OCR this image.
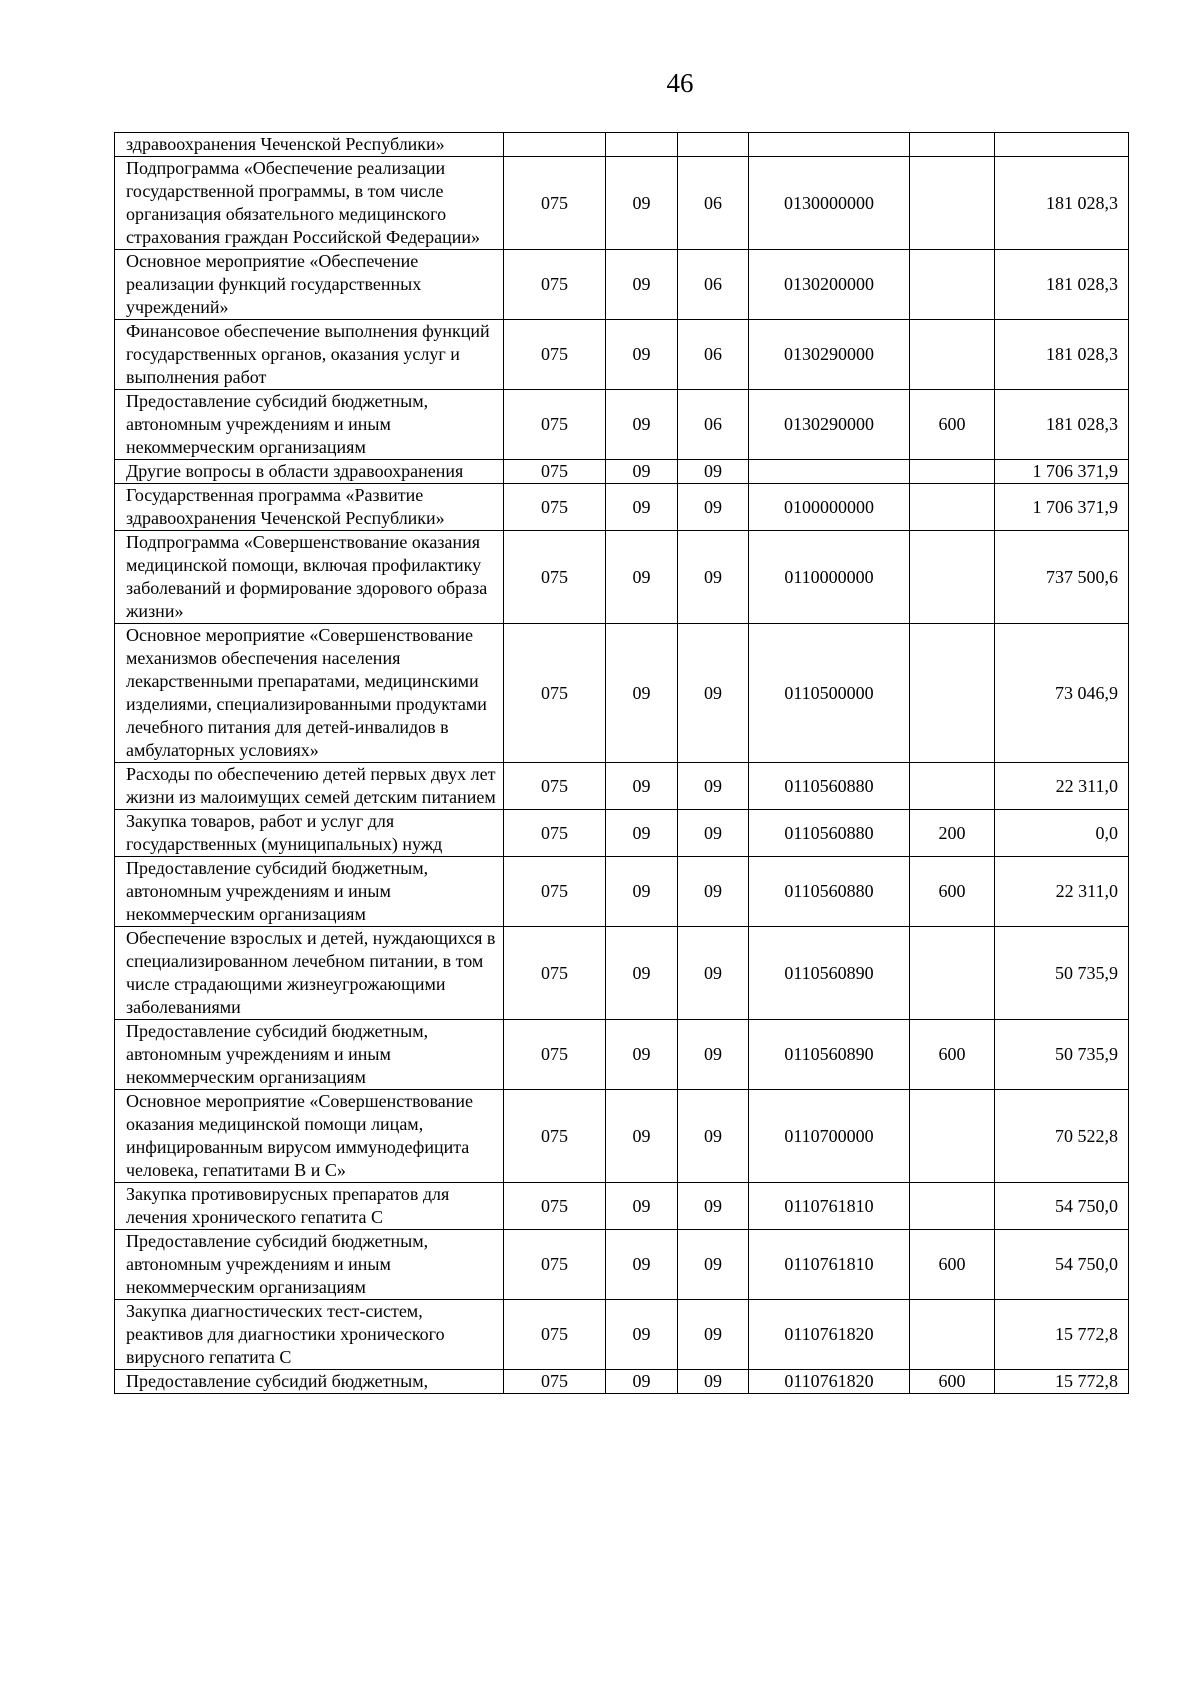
46
здравоохранения Чеченской Республики»						
Подпрограмма «Обеспечение реализации государственной программы, в том числе организация обязательного медицинского страхования граждан Российской Федерации»	075	09	06	0130000000		181 028,3
Основное мероприятие «Обеспечение реализации функций государственных учреждений»	075	09	06	0130200000		181 028,3
Финансовое обеспечение выполнения функций государственных органов, оказания услуг и выполнения работ	075	09	06	0130290000		181 028,3
Предоставление субсидий бюджетным, автономным учреждениям и иным некоммерческим организациям	075	09	06	0130290000	600	181 028,3
Другие вопросы в области здравоохранения	075	09	09			1 706 371,9
Государственная программа «Развитие здравоохранения Чеченской Республики»	075	09	09	0100000000		1 706 371,9
Подпрограмма «Совершенствование оказания медицинской помощи, включая профилактику заболеваний и формирование здорового образа жизни»	075	09	09	0110000000		737 500,6
Основное мероприятие «Совершенствование механизмов обеспечения населения лекарственными препаратами, медицинскими изделиями, специализированными продуктами лечебного питания для детей-инвалидов в амбулаторных условиях»	075	09	09	0110500000		73 046,9
Расходы по обеспечению детей первых двух лет жизни из малоимущих семей детским питанием	075	09	09	0110560880		22 311,0
Закупка товаров, работ и услуг для государственных (муниципальных) нужд	075	09	09	0110560880	200	0,0
Предоставление субсидий бюджетным, автономным учреждениям и иным некоммерческим организациям	075	09	09	0110560880	600	22 311,0
Обеспечение взрослых и детей, нуждающихся в специализированном лечебном питании, в том числе страдающими жизнеугрожающими заболеваниями	075	09	09	0110560890		50 735,9
Предоставление субсидий бюджетным, автономным учреждениям и иным некоммерческим организациям	075	09	09	0110560890	600	50 735,9
Основное мероприятие «Совершенствование оказания медицинской помощи лицам, инфицированным вирусом иммунодефицита человека, гепатитами В и С»	075	09	09	0110700000		70 522,8
Закупка противовирусных препаратов для лечения хронического гепатита С	075	09	09	0110761810		54 750,0
Предоставление субсидий бюджетным, автономным учреждениям и иным некоммерческим организациям	075	09	09	0110761810	600	54 750,0
Закупка диагностических тест-систем, реактивов для диагностики хронического вирусного гепатита С	075	09	09	0110761820		15 772,8
Предоставление субсидий бюджетным,	075	09	09	0110761820	600	15 772,8
